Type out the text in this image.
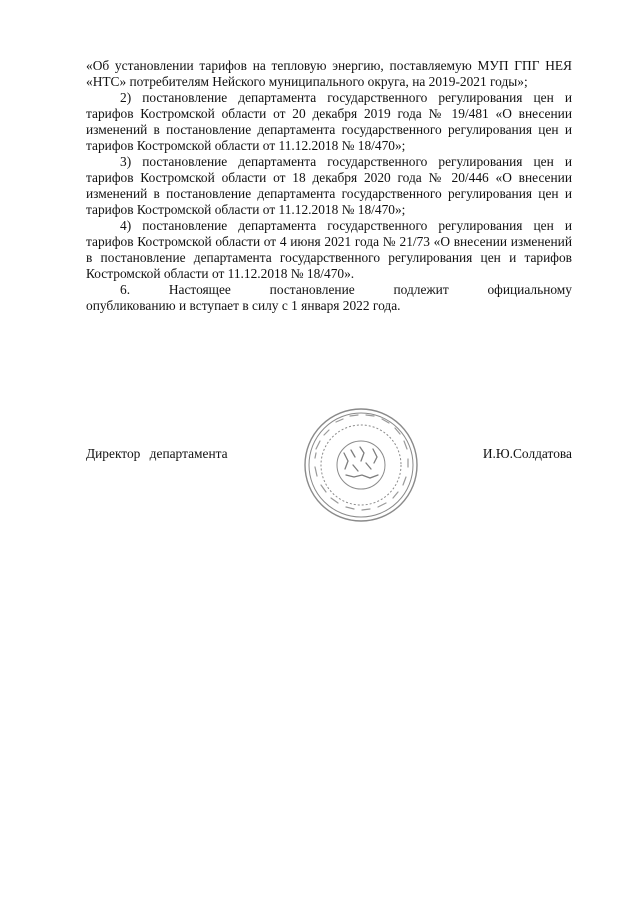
«Об установлении тарифов на тепловую энергию, поставляемую МУП ГПГ НЕЯ «НТС» потребителям Нейского муниципального округа, на 2019-2021 годы»;

2) постановление департамента государственного регулирования цен и тарифов Костромской области от 20 декабря 2019 года № 19/481 «О внесении изменений в постановление департамента государственного регулирования цен и тарифов Костромской области от 11.12.2018 № 18/470»;

3) постановление департамента государственного регулирования цен и тарифов Костромской области от 18 декабря 2020 года № 20/446 «О внесении изменений в постановление департамента государственного регулирования цен и тарифов Костромской области от 11.12.2018 № 18/470»;

4) постановление департамента государственного регулирования цен и тарифов Костромской области от 4 июня 2021 года № 21/73 «О внесении изменений в постановление департамента государственного регулирования цен и тарифов Костромской области от 11.12.2018 № 18/470».

6.	Настоящее	постановление	подлежит	официальному

опубликованию и вступает в силу с 1 января 2022 года.

Директор департамента	И.Ю.Солдатова
